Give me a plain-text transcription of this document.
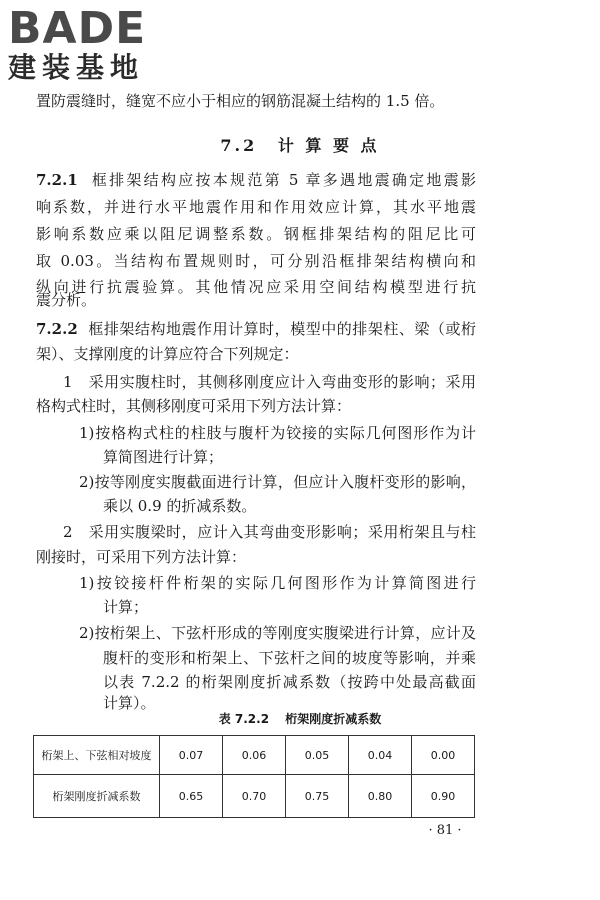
BADE
建装基地
置防震缝时，缝宽不应小于相应的钢筋混凝土结构的 1.5 倍。
7.2 计 算 要 点
7.2.1 框排架结构应按本规范第 5 章多遇地震确定地震影
响系数，并进行水平地震作用和作用效应计算，其水平地震
影响系数应乘以阻尼调整系数。钢框排架结构的阻尼比可
取 0.03。当结构布置规则时，可分别沿框排架结构横向和
纵向进行抗震验算。其他情况应采用空间结构模型进行抗
震分析。
7.2.2 框排架结构地震作用计算时，模型中的排架柱、梁（或桁
架）、支撑刚度的计算应符合下列规定：
1　采用实腹柱时，其侧移刚度应计入弯曲变形的影响；采用
格构式柱时，其侧移刚度可采用下列方法计算：
1)按格构式柱的柱肢与腹杆为铰接的实际几何图形作为计
算简图进行计算；
2)按等刚度实腹截面进行计算，但应计入腹杆变形的影响，
乘以 0.9 的折减系数。
2　采用实腹梁时，应计入其弯曲变形影响；采用桁架且与柱
刚接时，可采用下列方法计算：
1)按铰接杆件桁架的实际几何图形作为计算简图进行
计算；
2)按桁架上、下弦杆形成的等刚度实腹梁进行计算，应计及
腹杆的变形和桁架上、下弦杆之间的坡度等影响，并乘
以表 7.2.2 的桁架刚度折减系数（按跨中处最高截面
计算）。
表 7.2.2 桁架刚度折减系数
桁架上、下弦相对坡度	0.07	0.06	0.05	0.04	0.00
桁架刚度折减系数	0.65	0.70	0.75	0.80	0.90
· 81 ·
